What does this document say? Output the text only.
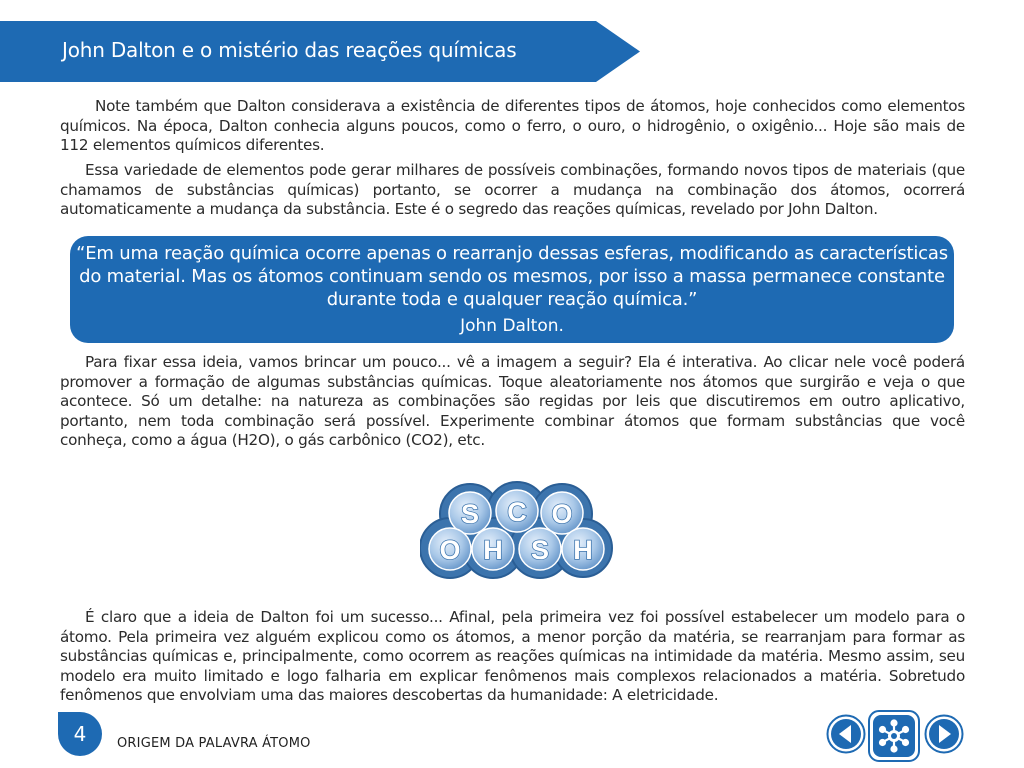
John Dalton e o mistério das reações químicas

Note também que Dalton considerava a existência de diferentes tipos de átomos, hoje conhecidos como elementos químicos. Na época, Dalton conhecia alguns poucos, como o ferro, o ouro, o hidrogênio, o oxigênio... Hoje são mais de 112 elementos químicos diferentes.

Essa variedade de elementos pode gerar milhares de possíveis combinações, formando novos tipos de materiais (que chamamos de substâncias químicas) portanto, se ocorrer a mudança na combinação dos átomos, ocorrerá automaticamente a mudança da substância. Este é o segredo das reações químicas, revelado por John Dalton.

“Em uma reação química ocorre apenas o rearranjo dessas esferas, modificando as características do material. Mas os átomos continuam sendo os mesmos, por isso a massa permanece constante durante toda e qualquer reação química.”
John Dalton.

Para fixar essa ideia, vamos brincar um pouco... vê a imagem a seguir? Ela é interativa. Ao clicar nele você poderá promover a formação de algumas substâncias químicas. Toque aleatoriamente nos átomos que surgirão e veja o que acontece. Só um detalhe: na natureza as combinações são regidas por leis que discutiremos em outro aplicativo, portanto, nem toda combinação será possível. Experimente combinar átomos que formam substâncias que você conheça, como a água (H2O), o gás carbônico (CO2), etc.

S C O
O H S H

É claro que a ideia de Dalton foi um sucesso... Afinal, pela primeira vez foi possível estabelecer um modelo para o átomo. Pela primeira vez alguém explicou como os átomos, a menor porção da matéria, se rearranjam para formar as substâncias químicas e, principalmente, como ocorrem as reações químicas na intimidade da matéria. Mesmo assim, seu modelo era muito limitado e logo falharia em explicar fenômenos mais complexos relacionados a matéria. Sobretudo fenômenos que envolviam uma das maiores descobertas da humanidade: A eletricidade.

4	ORIGEM DA PALAVRA ÁTOMO
